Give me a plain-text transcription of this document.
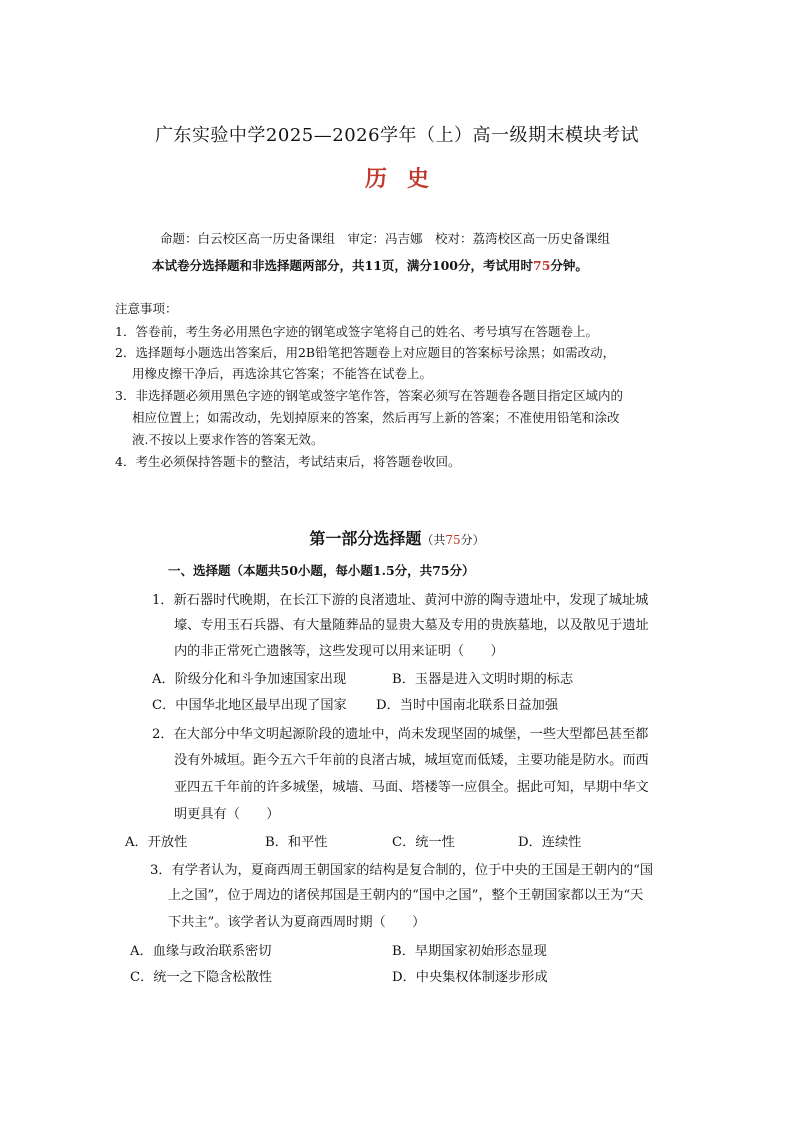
广东实验中学2025—2026学年（上）高一级期末模块考试
历史
命题：白云校区高一历史备课组　审定：冯吉娜　校对：荔湾校区高一历史备课组
本试卷分选择题和非选择题两部分，共11页，满分100分，考试用时75分钟。
注意事项：
1．答卷前，考生务必用黑色字迹的钢笔或签字笔将自己的姓名、考号填写在答题卷上。
2．选择题每小题选出答案后，用2B铅笔把答题卷上对应题目的答案标号涂黑；如需改动，
用橡皮擦干净后，再选涂其它答案；不能答在试卷上。
3．非选择题必须用黑色字迹的钢笔或签字笔作答，答案必须写在答题卷各题目指定区域内的
相应位置上；如需改动，先划掉原来的答案，然后再写上新的答案；不准使用铅笔和涂改
液.不按以上要求作答的答案无效。
4．考生必须保持答题卡的整洁，考试结束后，将答题卷收回。
第一部分选择题（共75分）
一、选择题（本题共50小题，每小题1.5分，共75分）
1．新石器时代晚期，在长江下游的良渚遗址、黄河中游的陶寺遗址中，发现了城址城
壕、专用玉石兵器、有大量随葬品的显贵大墓及专用的贵族墓地，以及散见于遗址
内的非正常死亡遗骸等，这些发现可以用来证明（　　）
A．阶级分化和斗争加速国家出现	B．玉器是进入文明时期的标志
C．中国华北地区最早出现了国家 D．当时中国南北联系日益加强
2．在大部分中华文明起源阶段的遗址中，尚未发现坚固的城堡，一些大型都邑甚至都
没有外城垣。距今五六千年前的良渚古城，城垣宽而低矮，主要功能是防水。而西
亚四五千年前的许多城堡，城墙、马面、塔楼等一应俱全。据此可知，早期中华文
明更具有（　　）
A．开放性	B．和平性	C．统一性	D．连续性
3．有学者认为，夏商西周王朝国家的结构是复合制的，位于中央的王国是王朝内的“国
上之国”，位于周边的诸侯邦国是王朝内的“国中之国”，整个王朝国家都以王为“天
下共主”。该学者认为夏商西周时期（　　）
A．血缘与政治联系密切	B．早期国家初始形态显现
C．统一之下隐含松散性	D．中央集权体制逐步形成
